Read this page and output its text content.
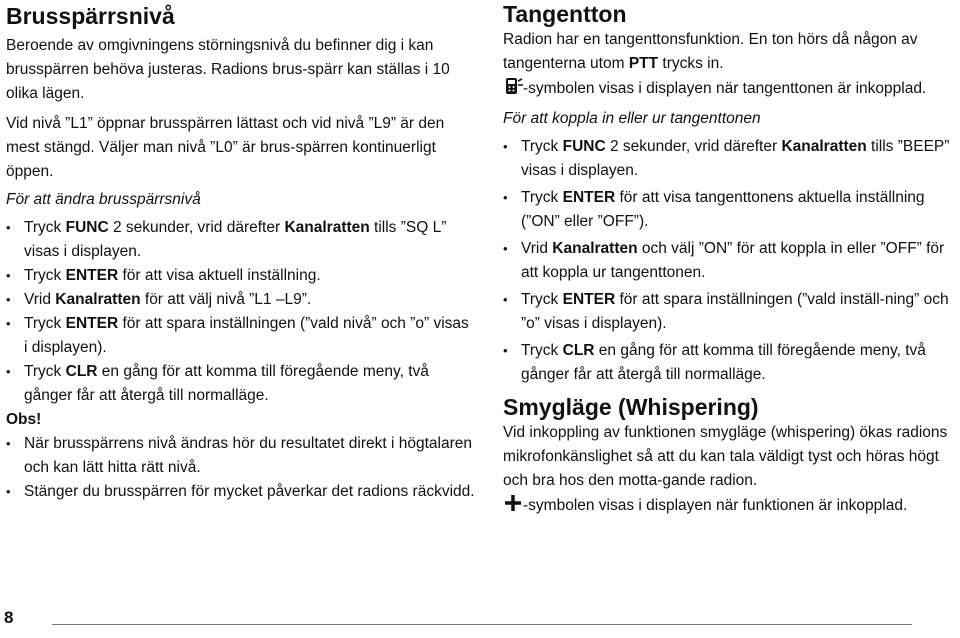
Brusspärrsnivå

Beroende av omgivningens störningsnivå du befinner dig i kan brusspärren behöva justeras. Radions brus-spärr kan ställas i 10 olika lägen.

Vid nivå ”L1” öppnar brusspärren lättast och vid nivå ”L9” är den mest stängd. Väljer man nivå ”L0” är brus-spärren kontinuerligt öppen.

För att ändra brusspärrsnivå

• Tryck FUNC 2 sekunder, vrid därefter Kanalratten tills ”SQ L” visas i displayen.
• Tryck ENTER för att visa aktuell inställning.
• Vrid Kanalratten för att välj nivå ”L1 –L9”.
• Tryck ENTER för att spara inställningen (”vald nivå” och ”o” visas i displayen).
• Tryck CLR en gång för att komma till föregående meny, två gånger får att återgå till normalläge.

Obs!

• När brusspärrens nivå ändras hör du resultatet direkt i högtalaren och kan lätt hitta rätt nivå.
• Stänger du brusspärren för mycket påverkar det radions räckvidd.
Tangentton

Radion har en tangenttonsfunktion. En ton hörs då någon av tangenterna utom PTT trycks in.

-symbolen visas i displayen när tangenttonen är inkopplad.

För att koppla in eller ur tangenttonen

• Tryck FUNC 2 sekunder, vrid därefter Kanalratten tills ”BEEP” visas i displayen.
• Tryck ENTER för att visa tangenttonens aktuella inställning (”ON” eller ”OFF”).
• Vrid Kanalratten och välj ”ON” för att koppla in eller ”OFF” för att koppla ur tangenttonen.
• Tryck ENTER för att spara inställningen (”vald inställ-ning” och ”o” visas i displayen).
• Tryck CLR en gång för att komma till föregående meny, två gånger får att återgå till normalläge.
Smygläge (Whispering)

Vid inkoppling av funktionen smygläge (whispering) ökas radions mikrofonkänslighet så att du kan tala väldigt tyst och höras högt och bra hos den motta-gande radion.

-symbolen visas i displayen när funktionen är inkopplad.

8
